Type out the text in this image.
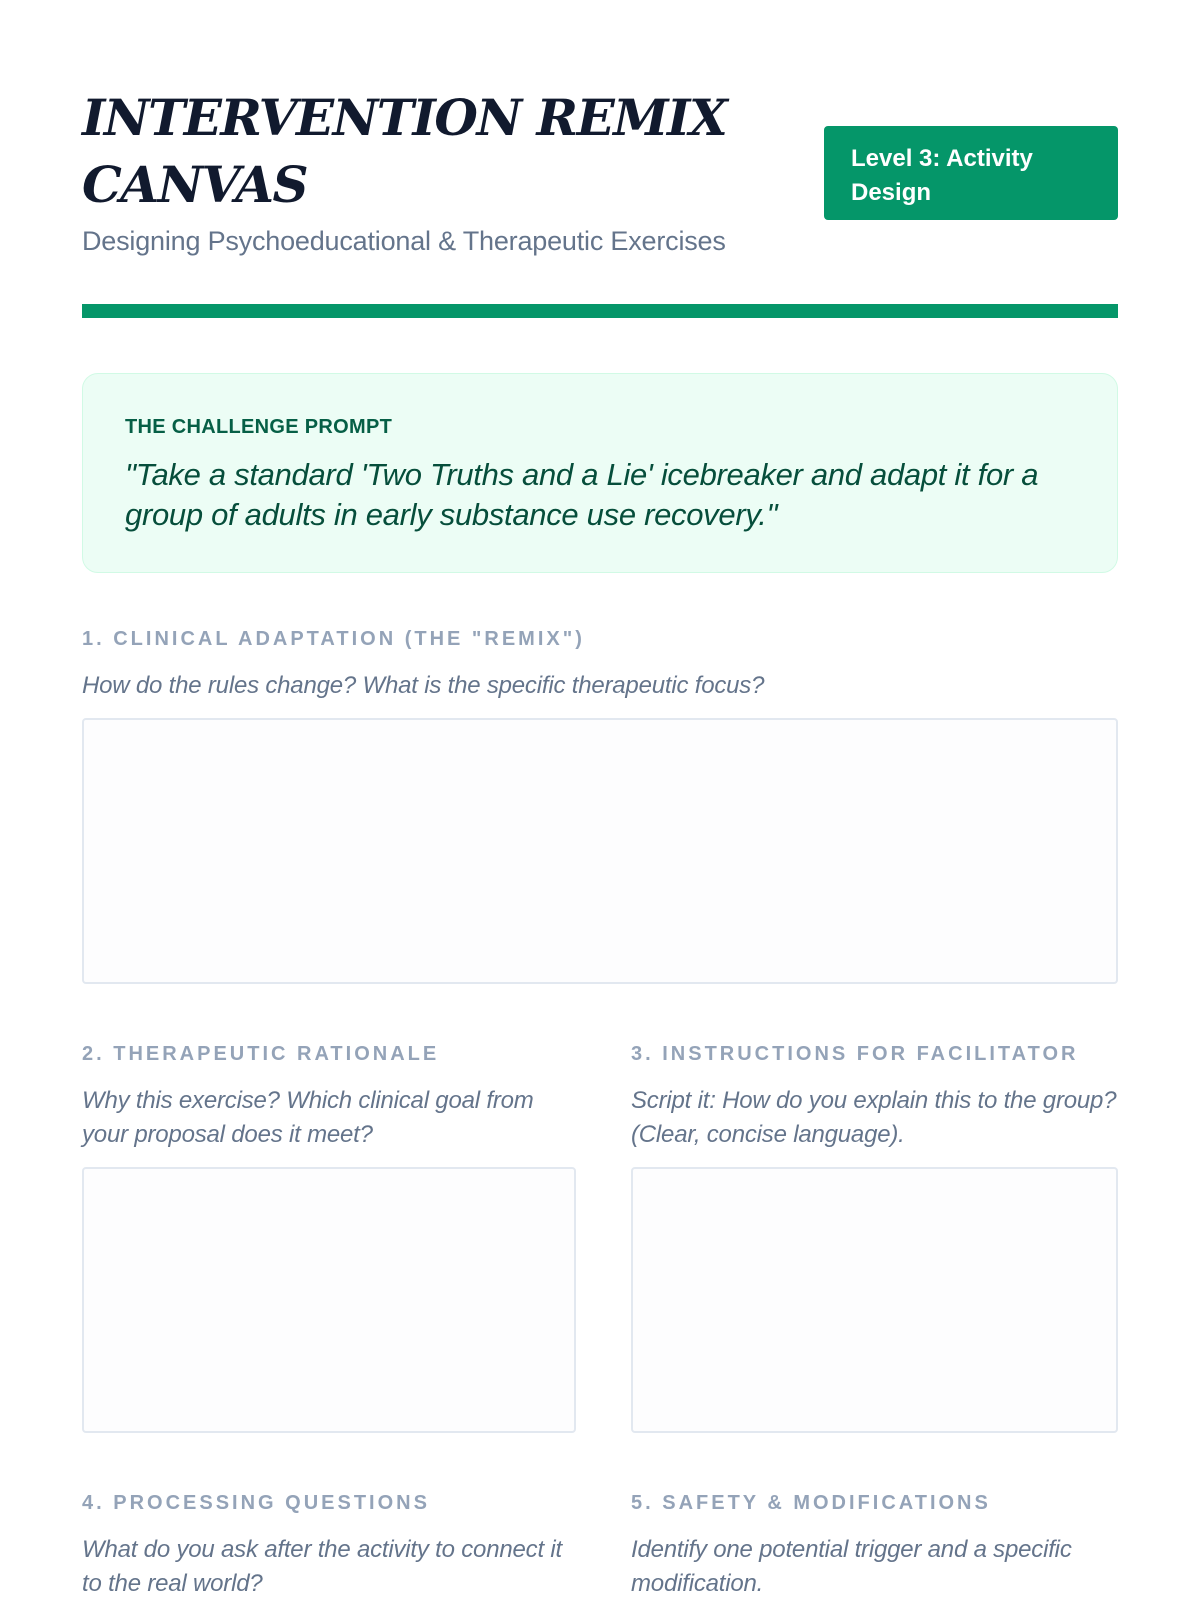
INTERVENTION REMIX
CANVAS
Designing Psychoeducational & Therapeutic Exercises
Level 3: Activity
Design
THE CHALLENGE PROMPT
"Take a standard 'Two Truths and a Lie' icebreaker and adapt it for a group of adults in early substance use recovery."
1. CLINICAL ADAPTATION (THE "REMIX")
How do the rules change? What is the specific therapeutic focus?
2. THERAPEUTIC RATIONALE
Why this exercise? Which clinical goal from your proposal does it meet?
3. INSTRUCTIONS FOR FACILITATOR
Script it: How do you explain this to the group? (Clear, concise language).
4. PROCESSING QUESTIONS
What do you ask after the activity to connect it to the real world?
5. SAFETY & MODIFICATIONS
Identify one potential trigger and a specific modification.
